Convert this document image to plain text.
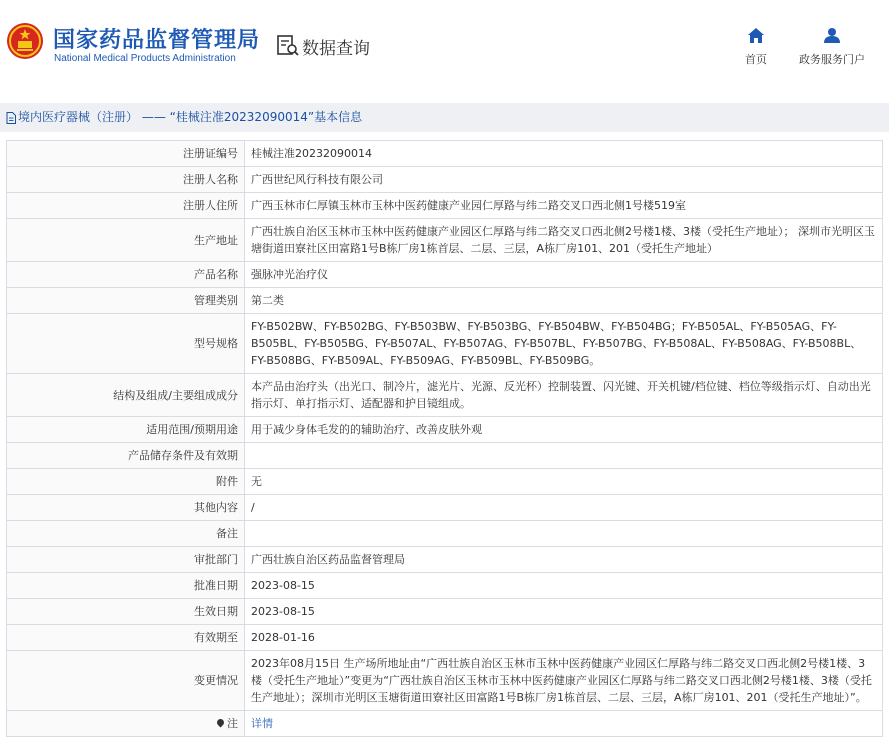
国家药品监督管理局
National Medical Products Administration	数据查询
首页	政务服务门户
境内医疗器械（注册） —— “桂械注准20232090014”基本信息
注册证编号	桂械注准20232090014
注册人名称	广西世纪风行科技有限公司
注册人住所	广西玉林市仁厚镇玉林市玉林中医药健康产业园仁厚路与纬二路交叉口西北侧1号楼519室
生产地址	广西壮族自治区玉林市玉林中医药健康产业园区仁厚路与纬二路交叉口西北侧2号楼1楼、3楼（受托生产地址）； 深圳市光明区玉塘街道田寮社区田富路1号B栋厂房1栋首层、二层、三层，A栋厂房101、201（受托生产地址）
产品名称	强脉冲光治疗仪
管理类别	第二类
型号规格	FY-B502BW、FY-B502BG、FY-B503BW、FY-B503BG、FY-B504BW、FY-B504BG；FY-B505AL、FY-B505AG、FY-B505BL、FY-B505BG、FY-B507AL、FY-B507AG、FY-B507BL、FY-B507BG、FY-B508AL、FY-B508AG、FY-B508BL、FY-B508BG、FY-B509AL、FY-B509AG、FY-B509BL、FY-B509BG。
结构及组成/主要组成成分	本产品由治疗头（出光口、制冷片，滤光片、光源、反光杯）控制装置、闪光键、开关机键/档位键、档位等级指示灯、自动出光指示灯、单打指示灯、适配器和护目镜组成。
适用范围/预期用途	用于减少身体毛发的的辅助治疗、改善皮肤外观
产品储存条件及有效期	
附件	无
其他内容	/
备注	
审批部门	广西壮族自治区药品监督管理局
批准日期	2023-08-15
生效日期	2023-08-15
有效期至	2028-01-16
变更情况	2023年08月15日 生产场所地址由“广西壮族自治区玉林市玉林中医药健康产业园区仁厚路与纬二路交叉口西北侧2号楼1楼、3楼（受托生产地址）”变更为“广西壮族自治区玉林市玉林中医药健康产业园区仁厚路与纬二路交叉口西北侧2号楼1楼、3楼（受托生产地址）；深圳市光明区玉塘街道田寮社区田富路1号B栋厂房1栋首层、二层、三层，A栋厂房101、201（受托生产地址）”。
注	详情
